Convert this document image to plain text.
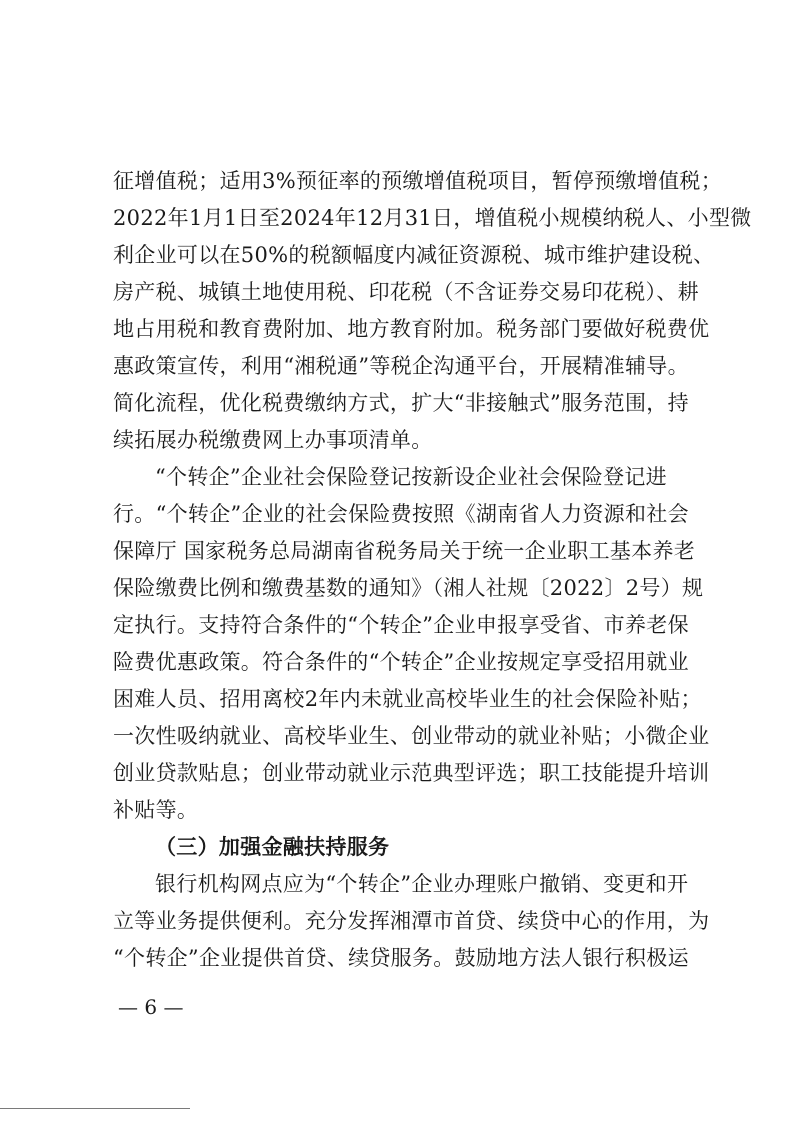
征增值税；适用3%预征率的预缴增值税项目，暂停预缴增值税；
2022年1月1日至2024年12月31日，增值税小规模纳税人、小型微
利企业可以在50%的税额幅度内减征资源税、城市维护建设税、
房产税、城镇土地使用税、印花税（不含证券交易印花税）、耕
地占用税和教育费附加、地方教育附加。税务部门要做好税费优
惠政策宣传，利用“湘税通”等税企沟通平台，开展精准辅导。
简化流程，优化税费缴纳方式，扩大“非接触式”服务范围，持
续拓展办税缴费网上办事项清单。
“个转企”企业社会保险登记按新设企业社会保险登记进
行。“个转企”企业的社会保险费按照《湖南省人力资源和社会
保障厅 国家税务总局湖南省税务局关于统一企业职工基本养老
保险缴费比例和缴费基数的通知》（湘人社规〔2022〕2号）规
定执行。支持符合条件的“个转企”企业申报享受省、市养老保
险费优惠政策。符合条件的“个转企”企业按规定享受招用就业
困难人员、招用离校2年内未就业高校毕业生的社会保险补贴；
一次性吸纳就业、高校毕业生、创业带动的就业补贴；小微企业
创业贷款贴息；创业带动就业示范典型评选；职工技能提升培训
补贴等。
（三）加强金融扶持服务
银行机构网点应为“个转企”企业办理账户撤销、变更和开
立等业务提供便利。充分发挥湘潭市首贷、续贷中心的作用，为
“个转企”企业提供首贷、续贷服务。鼓励地方法人银行积极运
— 6 —
